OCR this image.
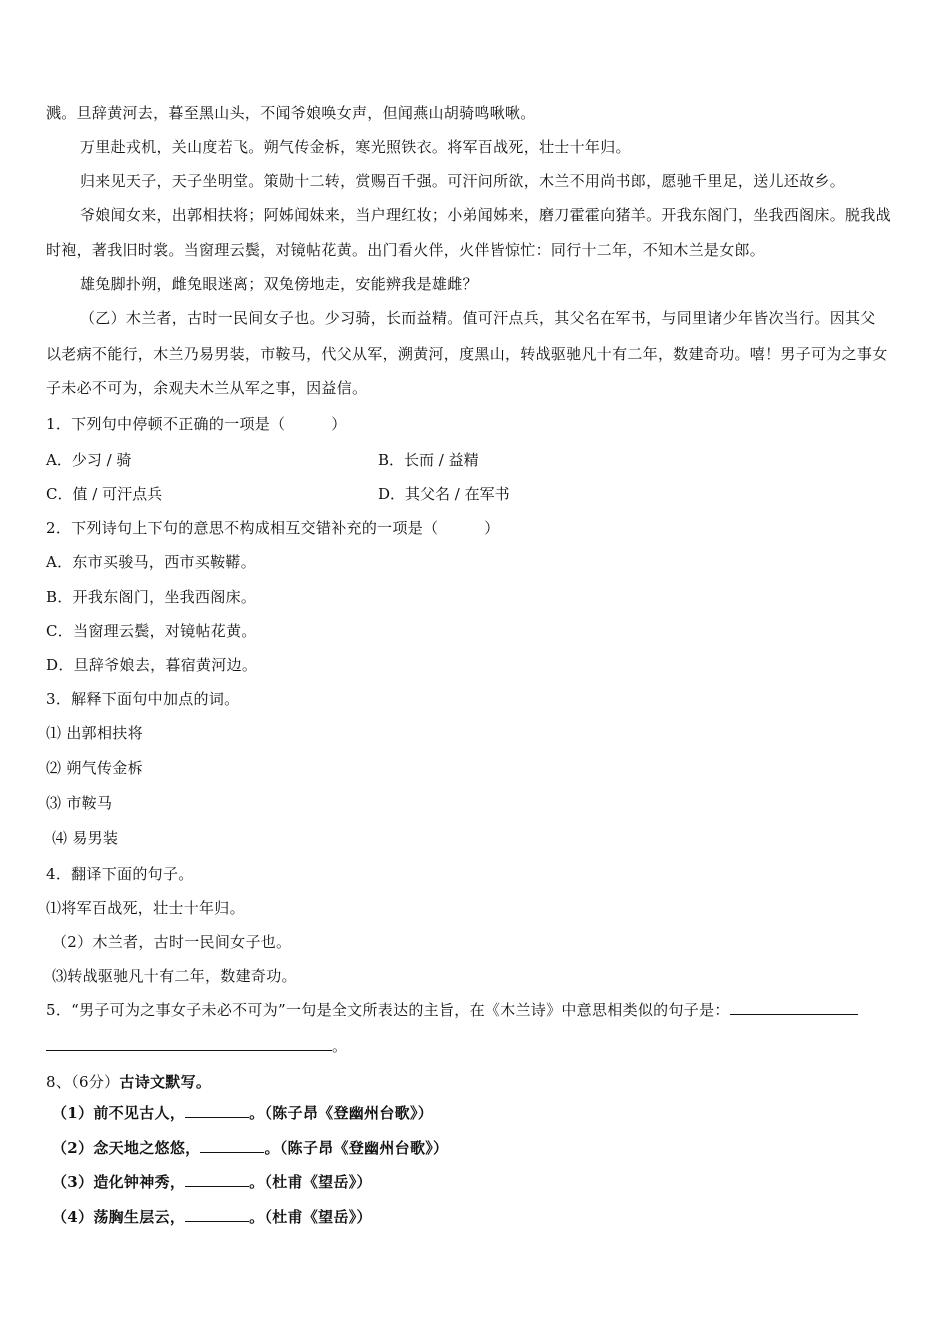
溅。旦辞黄河去，暮至黑山头，不闻爷娘唤女声，但闻燕山胡骑鸣啾啾。
万里赴戎机，关山度若飞。朔气传金柝，寒光照铁衣。将军百战死，壮士十年归。
归来见天子，天子坐明堂。策勋十二转，赏赐百千强。可汗问所欲，木兰不用尚书郎，愿驰千里足，送儿还故乡。
爷娘闻女来，出郭相扶将；阿姊闻妹来，当户理红妆；小弟闻姊来，磨刀霍霍向猪羊。开我东阁门，坐我西阁床。脱我战
时袍，著我旧时裳。当窗理云鬓，对镜帖花黄。出门看火伴，火伴皆惊忙：同行十二年，不知木兰是女郎。
雄兔脚扑朔，雌兔眼迷离；双兔傍地走，安能辨我是雄雌？
（乙）木兰者，古时一民间女子也。少习骑，长而益精。值可汗点兵，其父名在军书，与同里诸少年皆次当行。因其父
以老病不能行，木兰乃易男装，市鞍马，代父从军，溯黄河，度黑山，转战驱驰凡十有二年，数建奇功。嘻！男子可为之事女
子未必不可为，余观夫木兰从军之事，因益信。
1．下列句中停顿不正确的一项是（　　　）
A．少习 / 骑	B．长而 / 益精
C．值 / 可汗点兵	D．其父名 / 在军书
2．下列诗句上下句的意思不构成相互交错补充的一项是（　　　）
A．东市买骏马，西市买鞍鞯。
B．开我东阁门，坐我西阁床。
C．当窗理云鬓，对镜帖花黄。
D．旦辞爷娘去，暮宿黄河边。
3．解释下面句中加点的词。
⑴ 出郭相扶将
⑵ 朔气传金柝
⑶ 市鞍马
⑷ 易男装
4．翻译下面的句子。
⑴将军百战死，壮士十年归。
（2）木兰者，古时一民间女子也。
⑶转战驱驰凡十有二年，数建奇功。
5．“男子可为之事女子未必不可为”一句是全文所表达的主旨，在《木兰诗》中意思相类似的句子是：
。
8、（6分）古诗文默写。
（1）前不见古人，	。（陈子昂《登幽州台歌》）
（2）念天地之悠悠，	。（陈子昂《登幽州台歌》）
（3）造化钟神秀，	。（杜甫《望岳》）
（4）荡胸生层云，	。（杜甫《望岳》）
